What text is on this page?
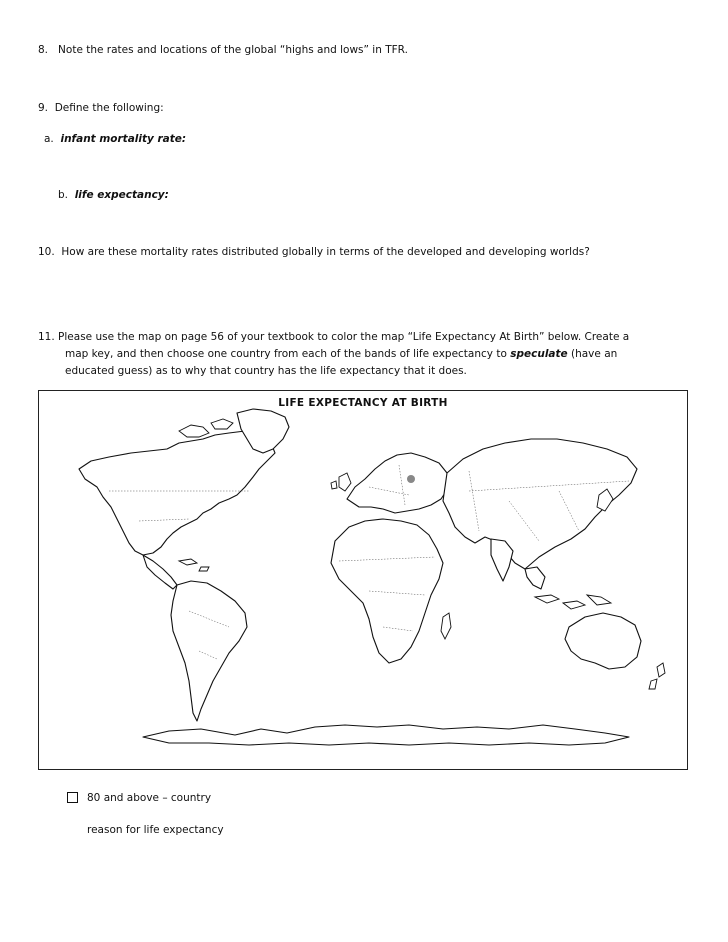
8. Note the rates and locations of the global “highs and lows” in TFR.
9. Define the following:
a. infant mortality rate:
b. life expectancy:
10. How are these mortality rates distributed globally in terms of the developed and developing worlds?
11. Please use the map on page 56 of your textbook to color the map “Life Expectancy At Birth” below. Create a
map key, and then choose one country from each of the bands of life expectancy to speculate (have an
educated guess) as to why that country has the life expectancy that it does.
LIFE EXPECTANCY AT BIRTH
80 and above – country
reason for life expectancy
